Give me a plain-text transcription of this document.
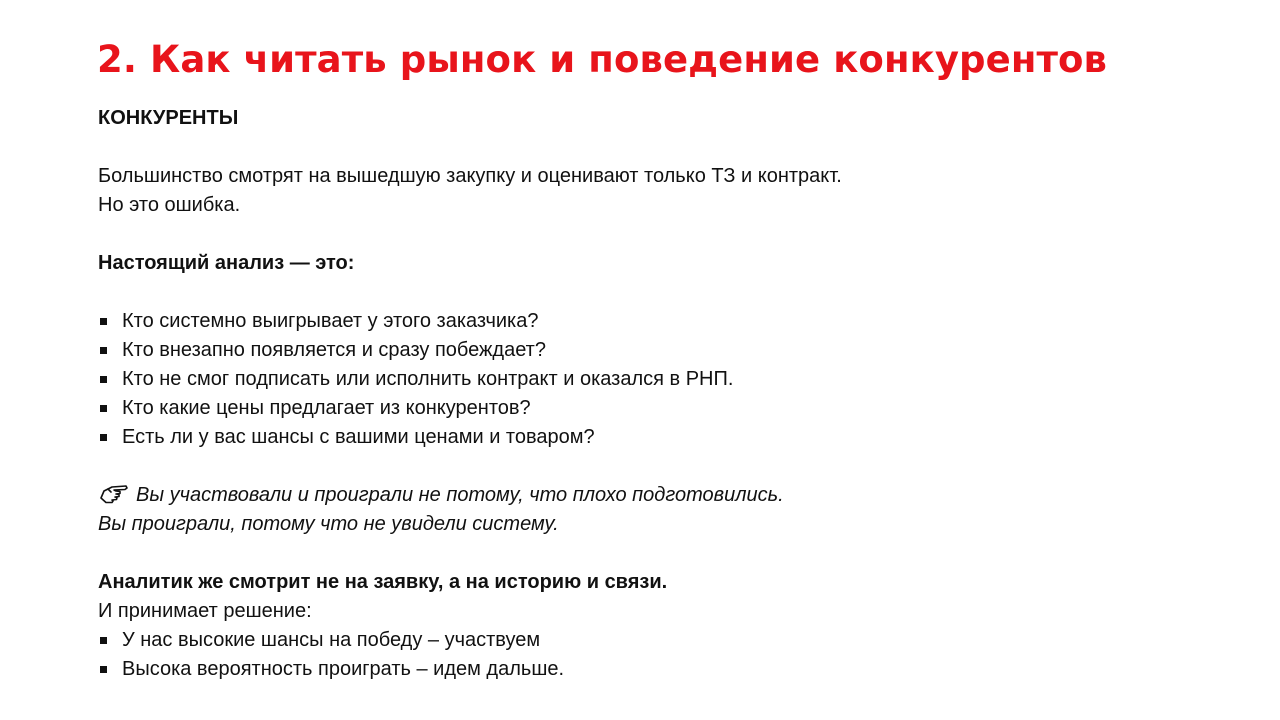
2. Как читать рынок и поведение конкурентов
КОНКУРЕНТЫ
Большинство смотрят на вышедшую закупку и оценивают только ТЗ и контракт.
Но это ошибка.
Настоящий анализ — это:
Кто системно выигрывает у этого заказчика?
Кто внезапно появляется и сразу побеждает?
Кто не смог подписать или исполнить контракт и оказался в РНП.
Кто какие цены предлагает из конкурентов?
Есть ли у вас шансы с вашими ценами и товаром?
Вы участвовали и проиграли не потому, что плохо подготовились.
Вы проиграли, потому что не увидели систему.
Аналитик же смотрит не на заявку, а на историю и связи.
И принимает решение:
У нас высокие шансы на победу – участвуем
Высока вероятность проиграть – идем дальше.
